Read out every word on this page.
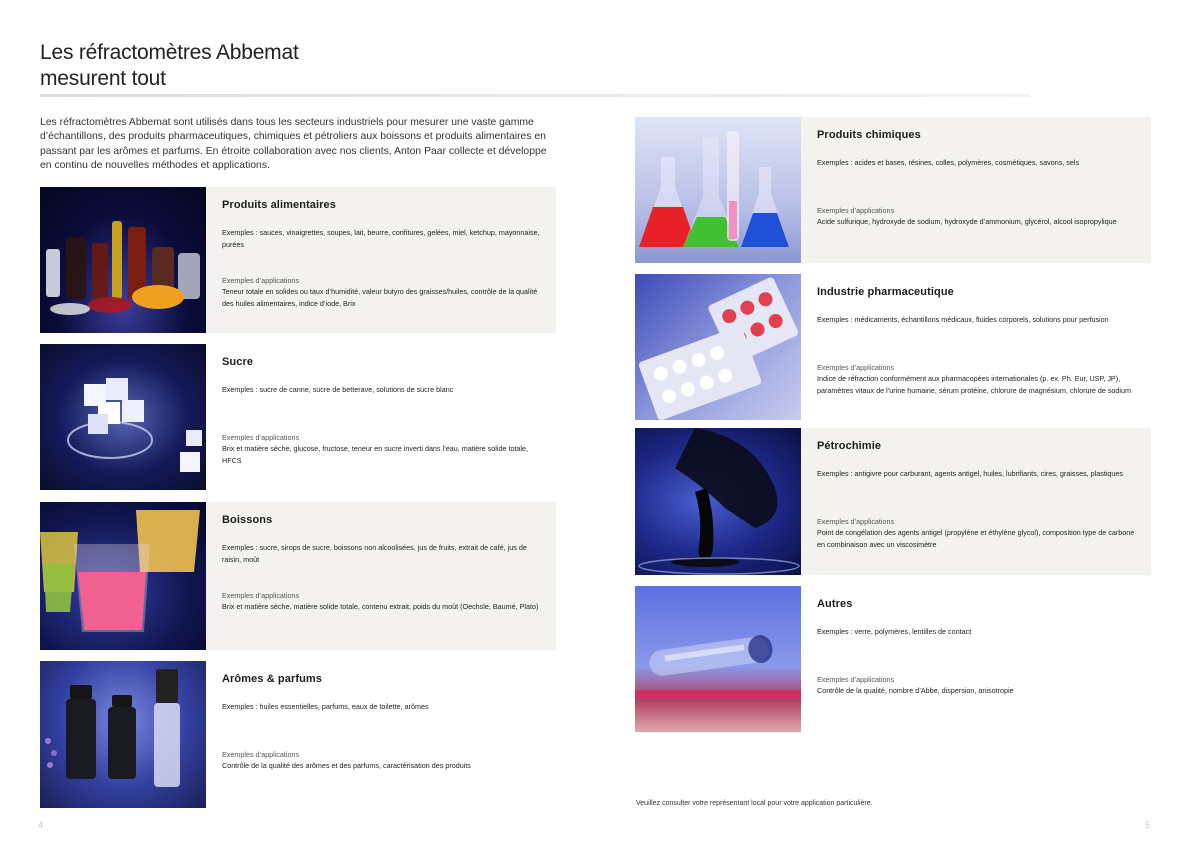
Les réfractomètres Abbemat
mesurent tout

Les réfractomètres Abbemat sont utilisés dans tous les secteurs industriels pour mesurer une vaste gamme d’échantillons, des produits pharmaceutiques, chimiques et pétroliers aux boissons et produits alimentaires en passant par les arômes et parfums. En étroite collaboration avec nos clients, Anton Paar collecte et développe en continu de nouvelles méthodes et applications.

Produits alimentaires
Exemples : sauces, vinaigrettes, soupes, lait, beurre, confitures, gelées, miel, ketchup, mayonnaise, purées
Exemples d’applications
Teneur totale en solides ou taux d’humidité, valeur butyro des graisses/huiles, contrôle de la qualité des huiles alimentaires, indice d’iode, Brix
Sucre
Exemples : sucre de canne, sucre de betterave, solutions de sucre blanc
Exemples d’applications
Brix et matière sèche, glucose, fructose, teneur en sucre inverti dans l’eau, matière solide totale, HFCS
Boissons
Exemples : sucre, sirops de sucre, boissons non alcoolisées, jus de fruits, extrait de café, jus de raisin, moût
Exemples d’applications
Brix et matière sèche, matière solide totale, contenu extrait, poids du moût (Oechsle, Baumé, Plato)
Arômes & parfums
Exemples : huiles essentielles, parfums, eaux de toilette, arômes
Exemples d’applications
Contrôle de la qualité des arômes et des parfums, caractérisation des produits
Produits chimiques
Exemples : acides et bases, résines, colles, polymères, cosmétiques, savons, sels
Exemples d’applications
Acide sulfurique, hydroxyde de sodium, hydroxyde d’ammonium, glycérol, alcool isopropylique
Industrie pharmaceutique
Exemples : médicaments, échantillons médicaux, fluides corporels, solutions pour perfusion
Exemples d’applications
Indice de réfraction conformément aux pharmacopées internationales (p. ex. Ph. Eur, USP, JP), paramètres vitaux de l’urine humaine, sérum protéine, chlorure de magnésium, chlorure de sodium
Pétrochimie
Exemples : antigivre pour carburant, agents antigel, huiles, lubrifiants, cires, graisses, plastiques
Exemples d’applications
Point de congélation des agents antigel (propylène et éthylène glycol), composition type de carbone en combinaison avec un viscosimètre
Autres
Exemples : verre, polymères, lentilles de contact
Exemples d’applications
Contrôle de la qualité, nombre d’Abbe, dispersion, anisotropie
Veuillez consulter votre représentant local pour votre application particulière.
4	5
